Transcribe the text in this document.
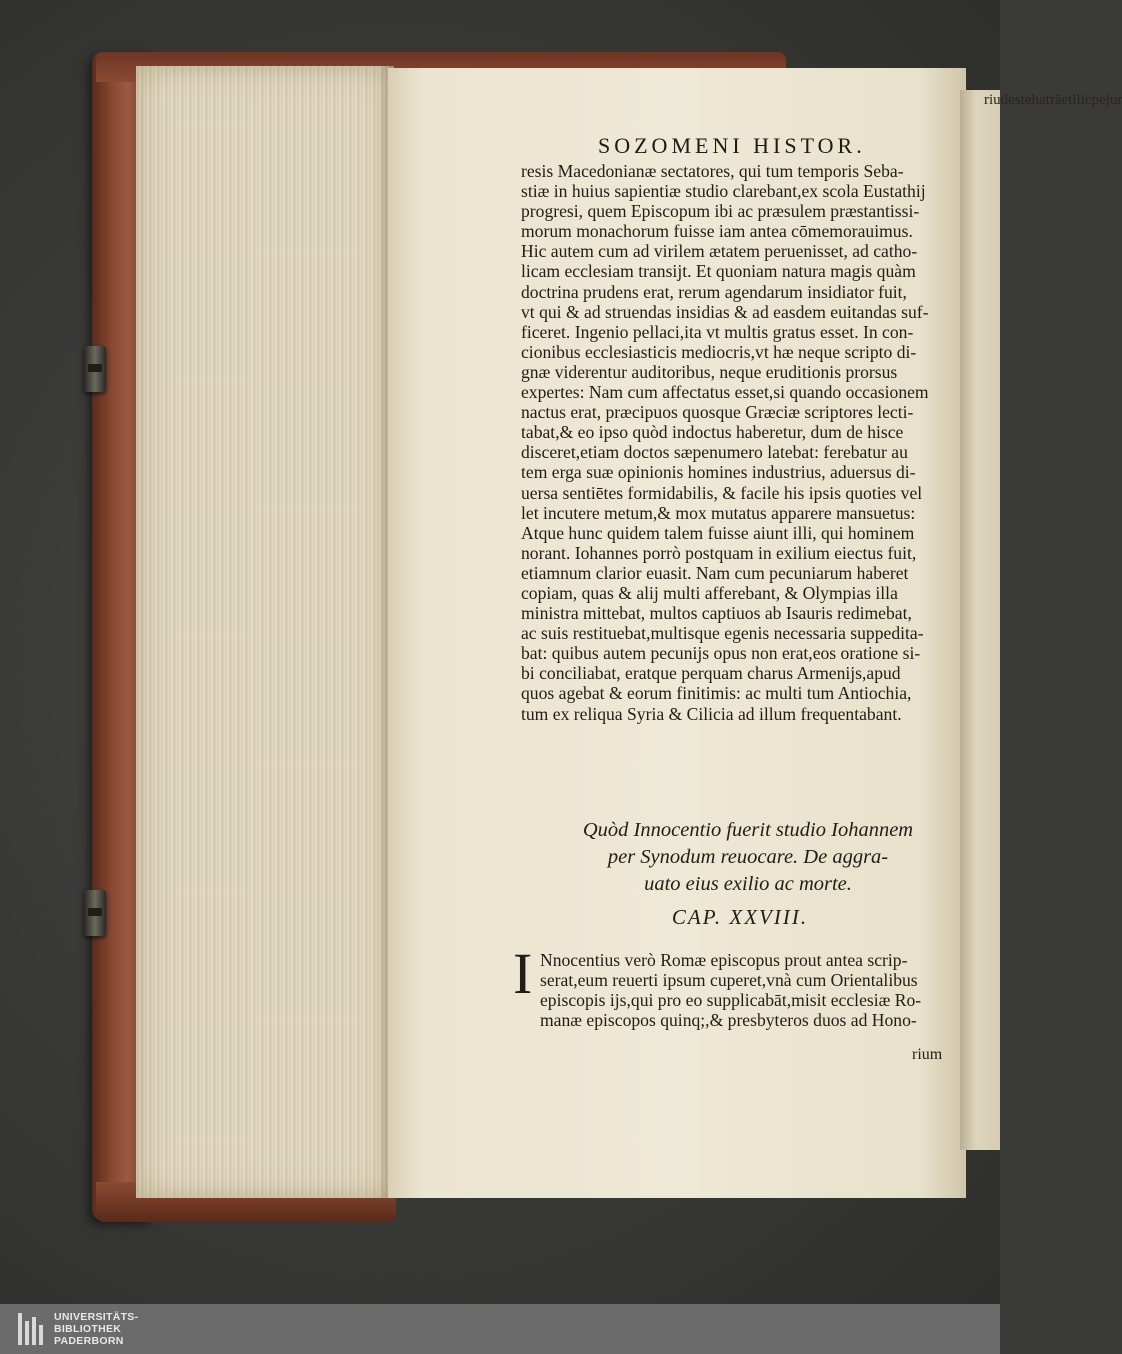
riudestehatrāetilicpejur
SOZOMENI HISTOR.

resis Macedonianæ sectatores, qui tum temporis Seba-
stiæ in huius sapientiæ studio clarebant,ex scola Eustathij
progresi, quem Episcopum ibi ac præsulem præstantissi-
morum monachorum fuisse iam antea cōmemorauimus.
Hic autem cum ad virilem ætatem peruenisset, ad catho-
licam ecclesiam transijt. Et quoniam natura magis quàm
doctrina prudens erat, rerum agendarum insidiator fuit,
vt qui & ad struendas insidias & ad easdem euitandas suf-
ficeret. Ingenio pellaci,ita vt multis gratus esset. In con-
cionibus ecclesiasticis mediocris,vt hæ neque scripto di-
gnæ viderentur auditoribus, neque eruditionis prorsus
expertes: Nam cum affectatus esset,si quando occasionem
nactus erat, præcipuos quosque Græciæ scriptores lecti-
tabat,& eo ipso quòd indoctus haberetur, dum de hisce
disceret,etiam doctos sæpenumero latebat: ferebatur au
tem erga suæ opinionis homines industrius, aduersus di-
uersa sentiētes formidabilis, & facile his ipsis quoties vel
let incutere metum,& mox mutatus apparere mansuetus:
Atque hunc quidem talem fuisse aiunt illi, qui hominem
norant. Iohannes porrò postquam in exilium eiectus fuit,
etiamnum clarior euasit. Nam cum pecuniarum haberet
copiam, quas & alij multi afferebant, & Olympias illa
ministra mittebat, multos captiuos ab Isauris redimebat,
ac suis restituebat,multisque egenis necessaria suppedita-
bat: quibus autem pecunijs opus non erat,eos oratione si-
bi conciliabat, eratque perquam charus Armenijs,apud
quos agebat & eorum finitimis: ac multi tum Antiochia,
tum ex reliqua Syria & Cilicia ad illum frequentabant.

Quòd Innocentio fuerit studio Iohannem
per Synodum reuocare. De aggra-
uato eius exilio ac morte.
CAP. XXVIII.
I Nnocentius verò Romæ episcopus prout antea scrip-
serat,eum reuerti ipsum cuperet,vnà cum Orientalibus
episcopis ijs,qui pro eo supplicabāt,misit ecclesiæ Ro-
manæ episcopos quinq;,& presbyteros duos ad Hono-

rium
UNIVERSITÄTS-
BIBLIOTHEK
PADERBORN
